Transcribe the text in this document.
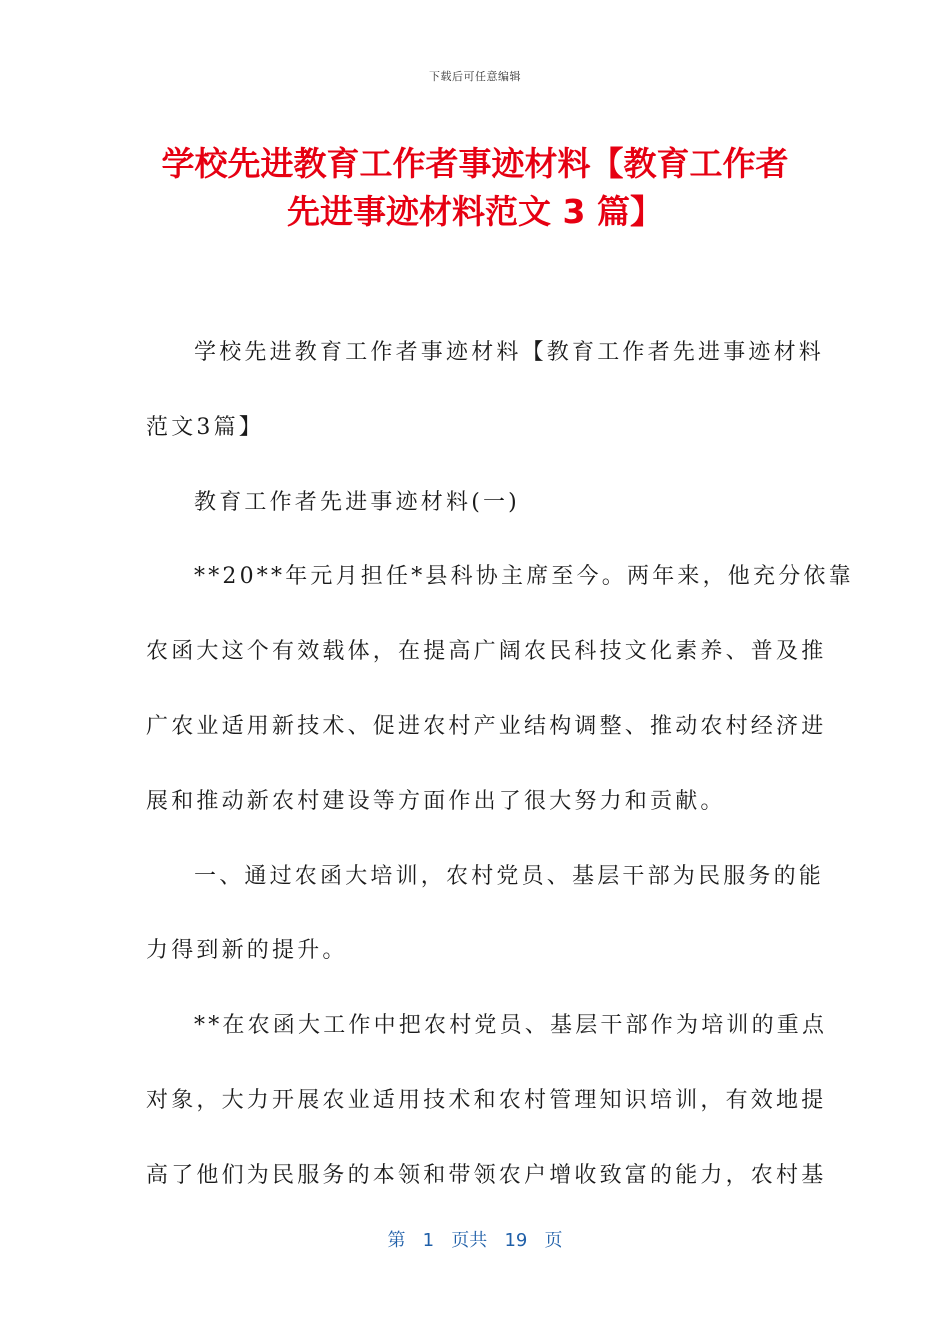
下载后可任意编辑
学校先进教育工作者事迹材料【教育工作者
先进事迹材料范文 3 篇】
学校先进教育工作者事迹材料【教育工作者先进事迹材料
范文3篇】
教育工作者先进事迹材料(一)
**20**年元月担任*县科协主席至今。两年来，他充分依靠
农函大这个有效载体，在提高广阔农民科技文化素养、普及推
广农业适用新技术、促进农村产业结构调整、推动农村经济进
展和推动新农村建设等方面作出了很大努力和贡献。
一、通过农函大培训，农村党员、基层干部为民服务的能
力得到新的提升。
**在农函大工作中把农村党员、基层干部作为培训的重点
对象，大力开展农业适用技术和农村管理知识培训，有效地提
高了他们为民服务的本领和带领农户增收致富的能力，农村基
第 1 页共 19 页
